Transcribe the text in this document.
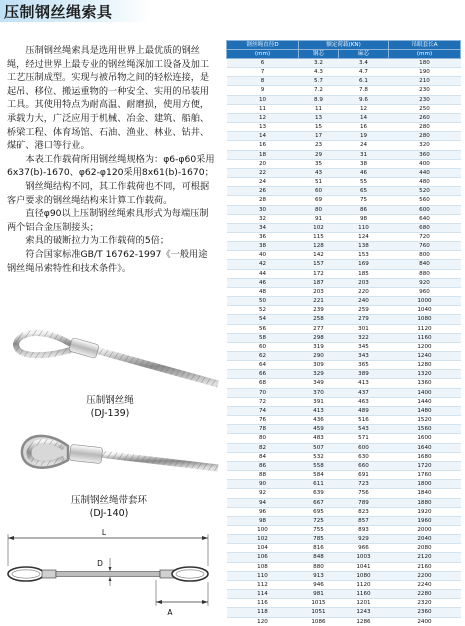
压制钢丝绳索具

压制钢丝绳索具是选用世界上最优质的钢丝绳，经过世界上最专业的钢丝绳深加工设备及加工工艺压制成型。实现与被吊物之间的轻松连接，是起吊、移位、搬运重物的一种安全、实用的吊装用工具。其使用特点为耐高温、耐磨损，使用方便，承载力大，广泛应用于机械、冶金、建筑、船舶、桥梁工程、体育场馆、石油、渔业、林业、钻井、煤矿、港口等行业。

本表工作载荷所用钢丝绳规格为：φ6-φ60采用6x37(b)-1670、φ62-φ120采用8x61(b)-1670；

钢丝绳结构不同，其工作载荷也不同，可根据客户要求的钢丝绳结构来计算工作载荷。

直径φ90以上压制钢丝绳索具形式为每端压制两个铝合金压制接头；

索具的破断拉力为工作载荷的5倍；

符合国家标准GB/T 16762-1997《一般用途钢丝绳吊索特性和技术条件》。

压制钢丝绳
(DJ-139)
压制钢丝绳带套环
(DJ-140)
L
D
A
钢丝绳直径D	额定荷载(KN)		吊眼套长A
(mm)	钢芯	麻芯	(mm)
6	3.2	3.4	180
7	4.3	4.7	190
8	5.7	6.1	210
9	7.2	7.8	230
10	8.9	9.6	230
11	11	12	250
12	13	14	260
13	15	16	280
14	17	19	280
16	23	24	320
18	29	31	360
20	35	38	400
22	43	46	440
24	51	55	480
26	60	65	520
28	69	75	560
30	80	86	600
32	91	98	640
34	102	110	680
36	115	124	720
38	128	138	760
40	142	153	800
42	157	169	840
44	172	185	880
46	187	203	920
48	203	220	960
50	221	240	1000
52	239	259	1040
54	258	279	1080
56	277	301	1120
58	298	322	1160
60	319	345	1200
62	290	343	1240
64	309	365	1280
66	329	389	1320
68	349	413	1360
70	370	437	1400
72	391	463	1440
74	413	489	1480
76	436	516	1520
78	459	543	1560
80	483	571	1600
82	507	600	1640
84	532	630	1680
86	558	660	1720
88	584	691	1760
90	611	723	1800
92	639	756	1840
94	667	789	1880
96	695	823	1920
98	725	857	1960
100	755	893	2000
102	785	929	2040
104	816	966	2080
106	848	1003	2120
108	880	1041	2160
110	913	1080	2200
112	946	1120	2240
114	981	1160	2280
116	1015	1201	2320
118	1051	1243	2360
120	1086	1286	2400
